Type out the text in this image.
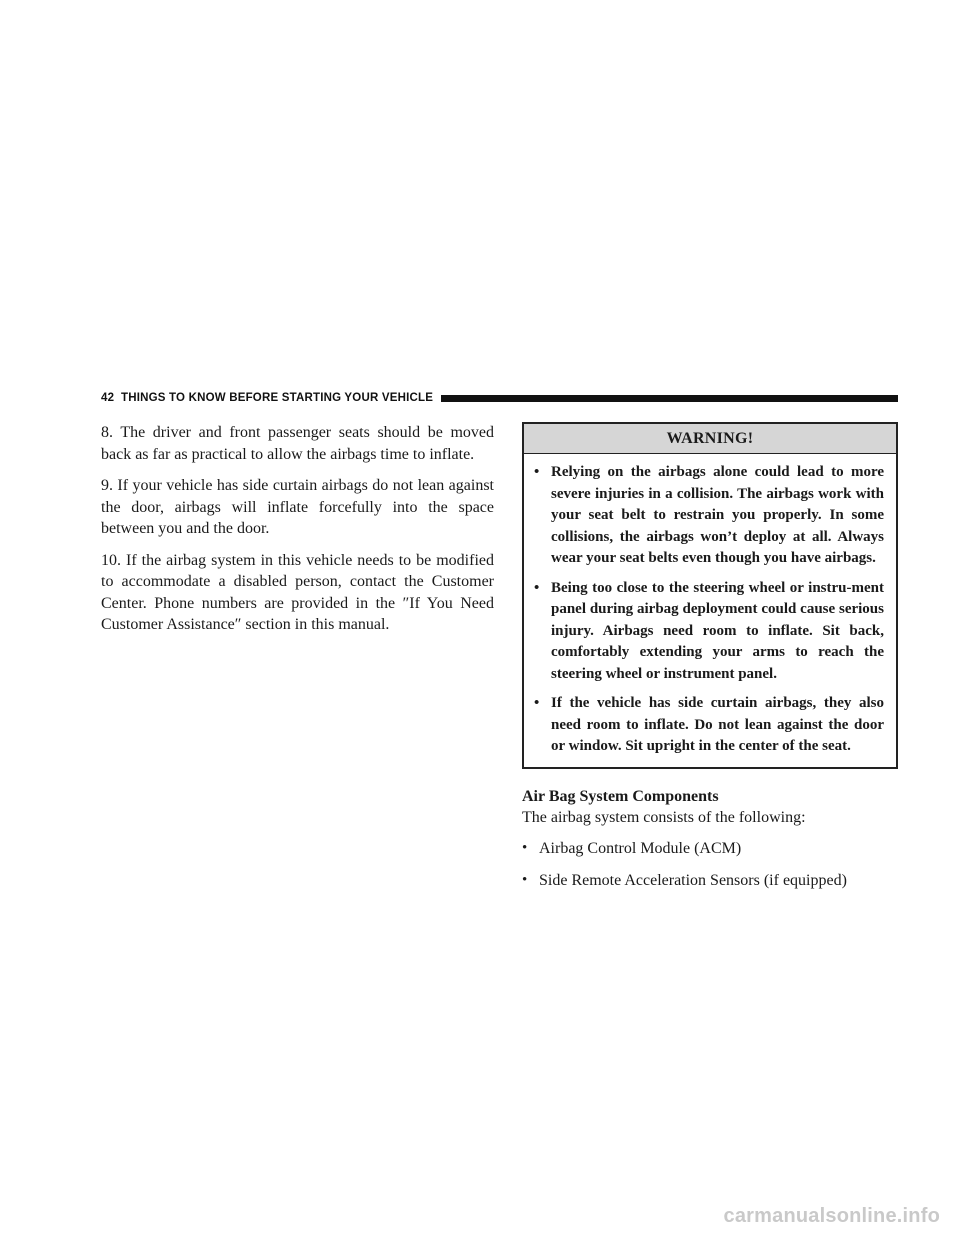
42 THINGS TO KNOW BEFORE STARTING YOUR VEHICLE

8. The driver and front passenger seats should be moved back as far as practical to allow the airbags time to inflate.

9. If your vehicle has side curtain airbags do not lean against the door, airbags will inflate forcefully into the space between you and the door.

10. If the airbag system in this vehicle needs to be modified to accommodate a disabled person, contact the Customer Center. Phone numbers are provided in the ″If You Need Customer Assistance″ section in this manual.

WARNING!
• Relying on the airbags alone could lead to more severe injuries in a collision. The airbags work with your seat belt to restrain you properly. In some collisions, the airbags won’t deploy at all. Always wear your seat belts even though you have airbags.
• Being too close to the steering wheel or instru-ment panel during airbag deployment could cause serious injury. Airbags need room to inflate. Sit back, comfortably extending your arms to reach the steering wheel or instrument panel.
• If the vehicle has side curtain airbags, they also need room to inflate. Do not lean against the door or window. Sit upright in the center of the seat.
Air Bag System Components

The airbag system consists of the following:

• Airbag Control Module (ACM)
• Side Remote Acceleration Sensors (if equipped)
carmanualsonline.info
